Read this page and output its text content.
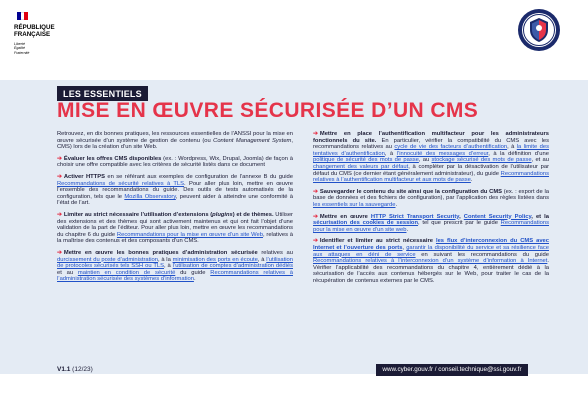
RÉPUBLIQUE
FRANÇAISE
Liberté
Égalité
Fraternité
LES ESSENTIELS
MISE EN ŒUVRE SÉCURISÉE D’UN CMS

Retrouvez, en dix bonnes pratiques, les ressources essentielles de l’ANSSI pour la mise en œuvre sécurisée d’un système de gestion de contenu (ou Content Management System, CMS) lors de la création d’un site Web.

➔ Évaluer les offres CMS disponibles (ex. : Wordpress, Wix, Drupal, Joomla) de façon à choisir une offre compatible avec les critères de sécurité listés dans ce document

➔ Activer HTTPS en se référant aux exemples de configuration de l’annexe B du guide Recommandations de sécurité relatives à TLS. Pour aller plus loin, mettre en œuvre l’ensemble des recommandations du guide. Des outils de tests automatisés de la configuration, tels que le Mozilla Observatory, peuvent aider à atteindre une conformité à l’état de l’art.

➔ Limiter au strict nécessaire l’utilisation d’extensions (plugins) et de thèmes. Utiliser des extensions et des thèmes qui sont activement maintenus et qui ont fait l’objet d’une validation de la part de l’éditeur. Pour aller plus loin, mettre en œuvre les recommandations du chapitre 6 du guide Recommandations pour la mise en œuvre d’un site Web, relatives à la maîtrise des contenus et des composants d’un CMS.

➔ Mettre en œuvre les bonnes pratiques d’administration sécurisée relatives au durcissement du poste d’administration, à la minimisation des ports en écoute, à l’utilisation de protocoles sécurisés tels SSH ou TLS, à l’utilisation de comptes d’administration dédiés et au maintien en condition de sécurité du guide Recommandations relatives à l’administration sécurisée des systèmes d’information.

➔ Mettre en place l’authentification multifacteur pour les administrateurs fonctionnels du site. En particulier, vérifier la compatibilité du CMS avec les recommandations relatives au cycle de vie des facteurs d’authentification, à la limite des tentatives d’authentification, à l’innocuité des messages d’erreur, à la définition d’une politique de sécurité des mots de passe, au stockage sécurisé des mots de passe, et au changement des valeurs par défaut, à compléter par la désactivation de l’utilisateur par défaut du CMS (ce dernier étant généralement administrateur), du guide Recommandations relatives à l’authentification multifacteur et aux mots de passe.

➔ Sauvegarder le contenu du site ainsi que la configuration du CMS (ex. : export de la base de données et des fichiers de configuration), par l’application des règles listées dans les essentiels sur la sauvegarde.

➔ Mettre en œuvre HTTP Strict Transport Security, Content Security Policy, et la sécurisation des cookies de session, tel que prescrit par le guide Recommandations pour la mise en œuvre d’un site web.

➔ Identifier et limiter au strict nécessaire les flux d’interconnexion du CMS avec Internet et l’ouverture des ports, garantir la disponibilité du service et sa résilience face aux attaques en déni de service en suivant les recommandations du guide Recommandations relatives à l’interconnexion d’un système d’information à Internet. Vérifier l’applicabilité des recommandations du chapitre 4, entièrement dédié à la sécurisation de l’accès aux contenus hébergés sur le Web, pour traiter le cas de la récupération de contenus externes par le CMS.

V1.1 (12/23)	www.cyber.gouv.fr / conseil.technique@ssi.gouv.fr
